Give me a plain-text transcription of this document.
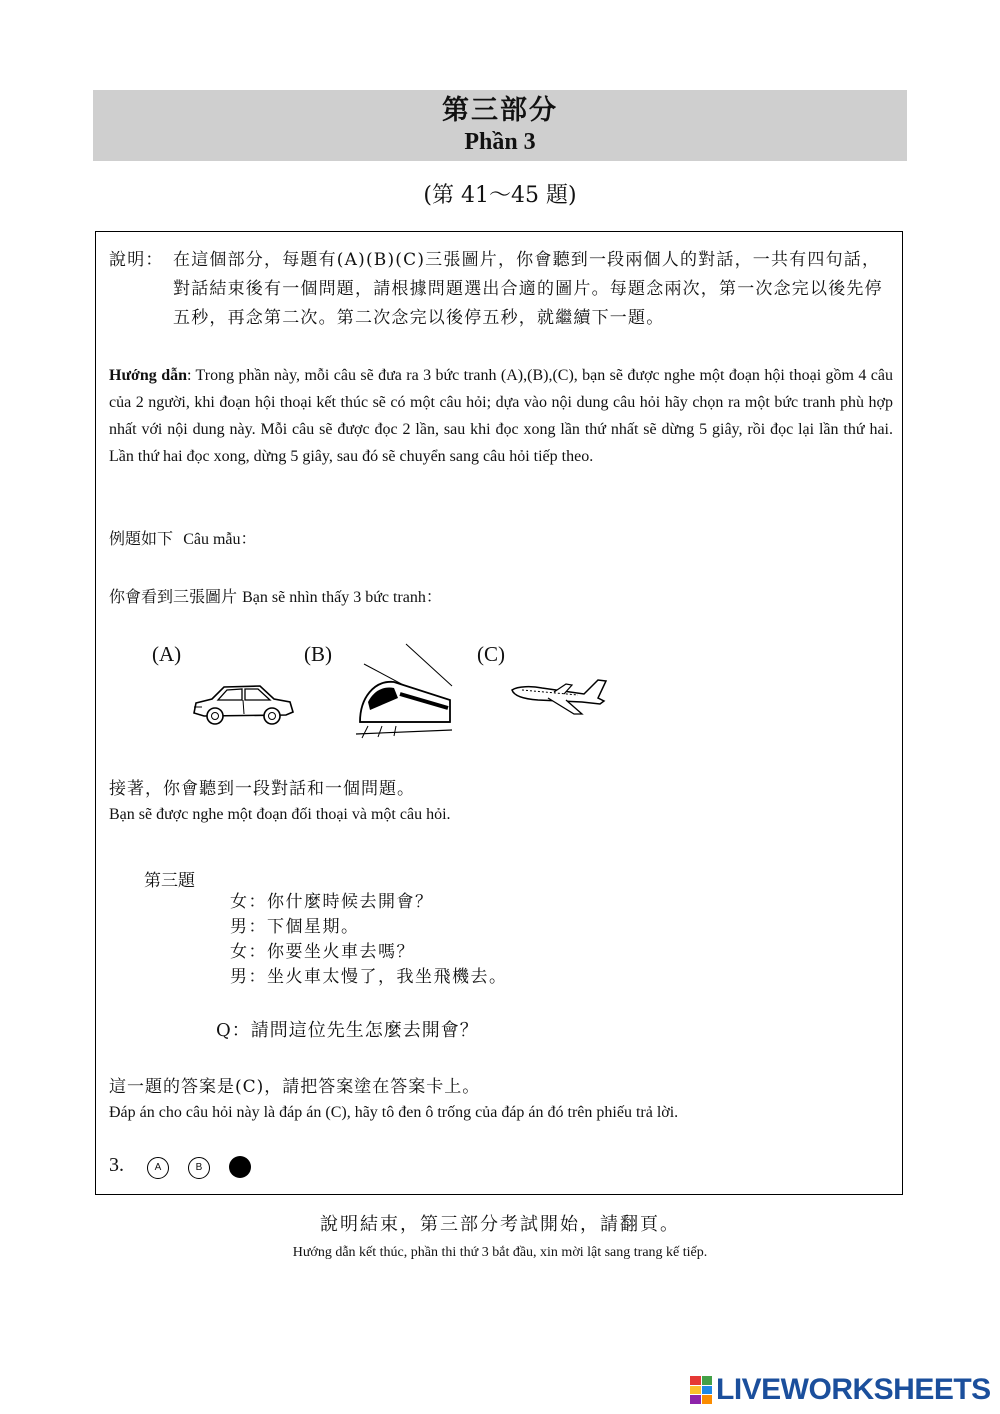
第三部分
Phần 3
(第 41～45 題)
說明： 在這個部分，每題有(A)(B)(C)三張圖片，你會聽到一段兩個人的對話，一共有四句話，對話結束後有一個問題，請根據問題選出合適的圖片。每題念兩次，第一次念完以後先停五秒，再念第二次。第二次念完以後停五秒，就繼續下一題。
Hướng dẫn: Trong phần này, mỗi câu sẽ đưa ra 3 bức tranh (A),(B),(C), bạn sẽ được nghe một đoạn hội thoại gồm 4 câu của 2 người, khi đoạn hội thoại kết thúc sẽ có một câu hỏi; dựa vào nội dung câu hỏi hãy chọn ra một bức tranh phù hợp nhất với nội dung này. Mỗi câu sẽ được đọc 2 lần, sau khi đọc xong lần thứ nhất sẽ dừng 5 giây, rồi đọc lại lần thứ hai. Lần thứ hai đọc xong, dừng 5 giây, sau đó sẽ chuyển sang câu hỏi tiếp theo.
例題如下 Câu mẫu：
你會看到三張圖片 Bạn sẽ nhìn thấy 3 bức tranh：
(A)	(B)	(C)
接著，你會聽到一段對話和一個問題。
Bạn sẽ được nghe một đoạn đối thoại và một câu hỏi.
第三題
女：你什麼時候去開會？
男：下個星期。
女：你要坐火車去嗎？
男：坐火車太慢了，我坐飛機去。
Q：請問這位先生怎麼去開會？
這一題的答案是(C)，請把答案塗在答案卡上。
Đáp án cho câu hỏi này là đáp án (C), hãy tô đen ô trống của đáp án đó trên phiếu trả lời.
3.	A	B
說明結束，第三部分考試開始，請翻頁。
Hướng dẫn kết thúc, phần thi thứ 3 bắt đầu, xin mời lật sang trang kế tiếp.
LIVEWORKSHEETS
